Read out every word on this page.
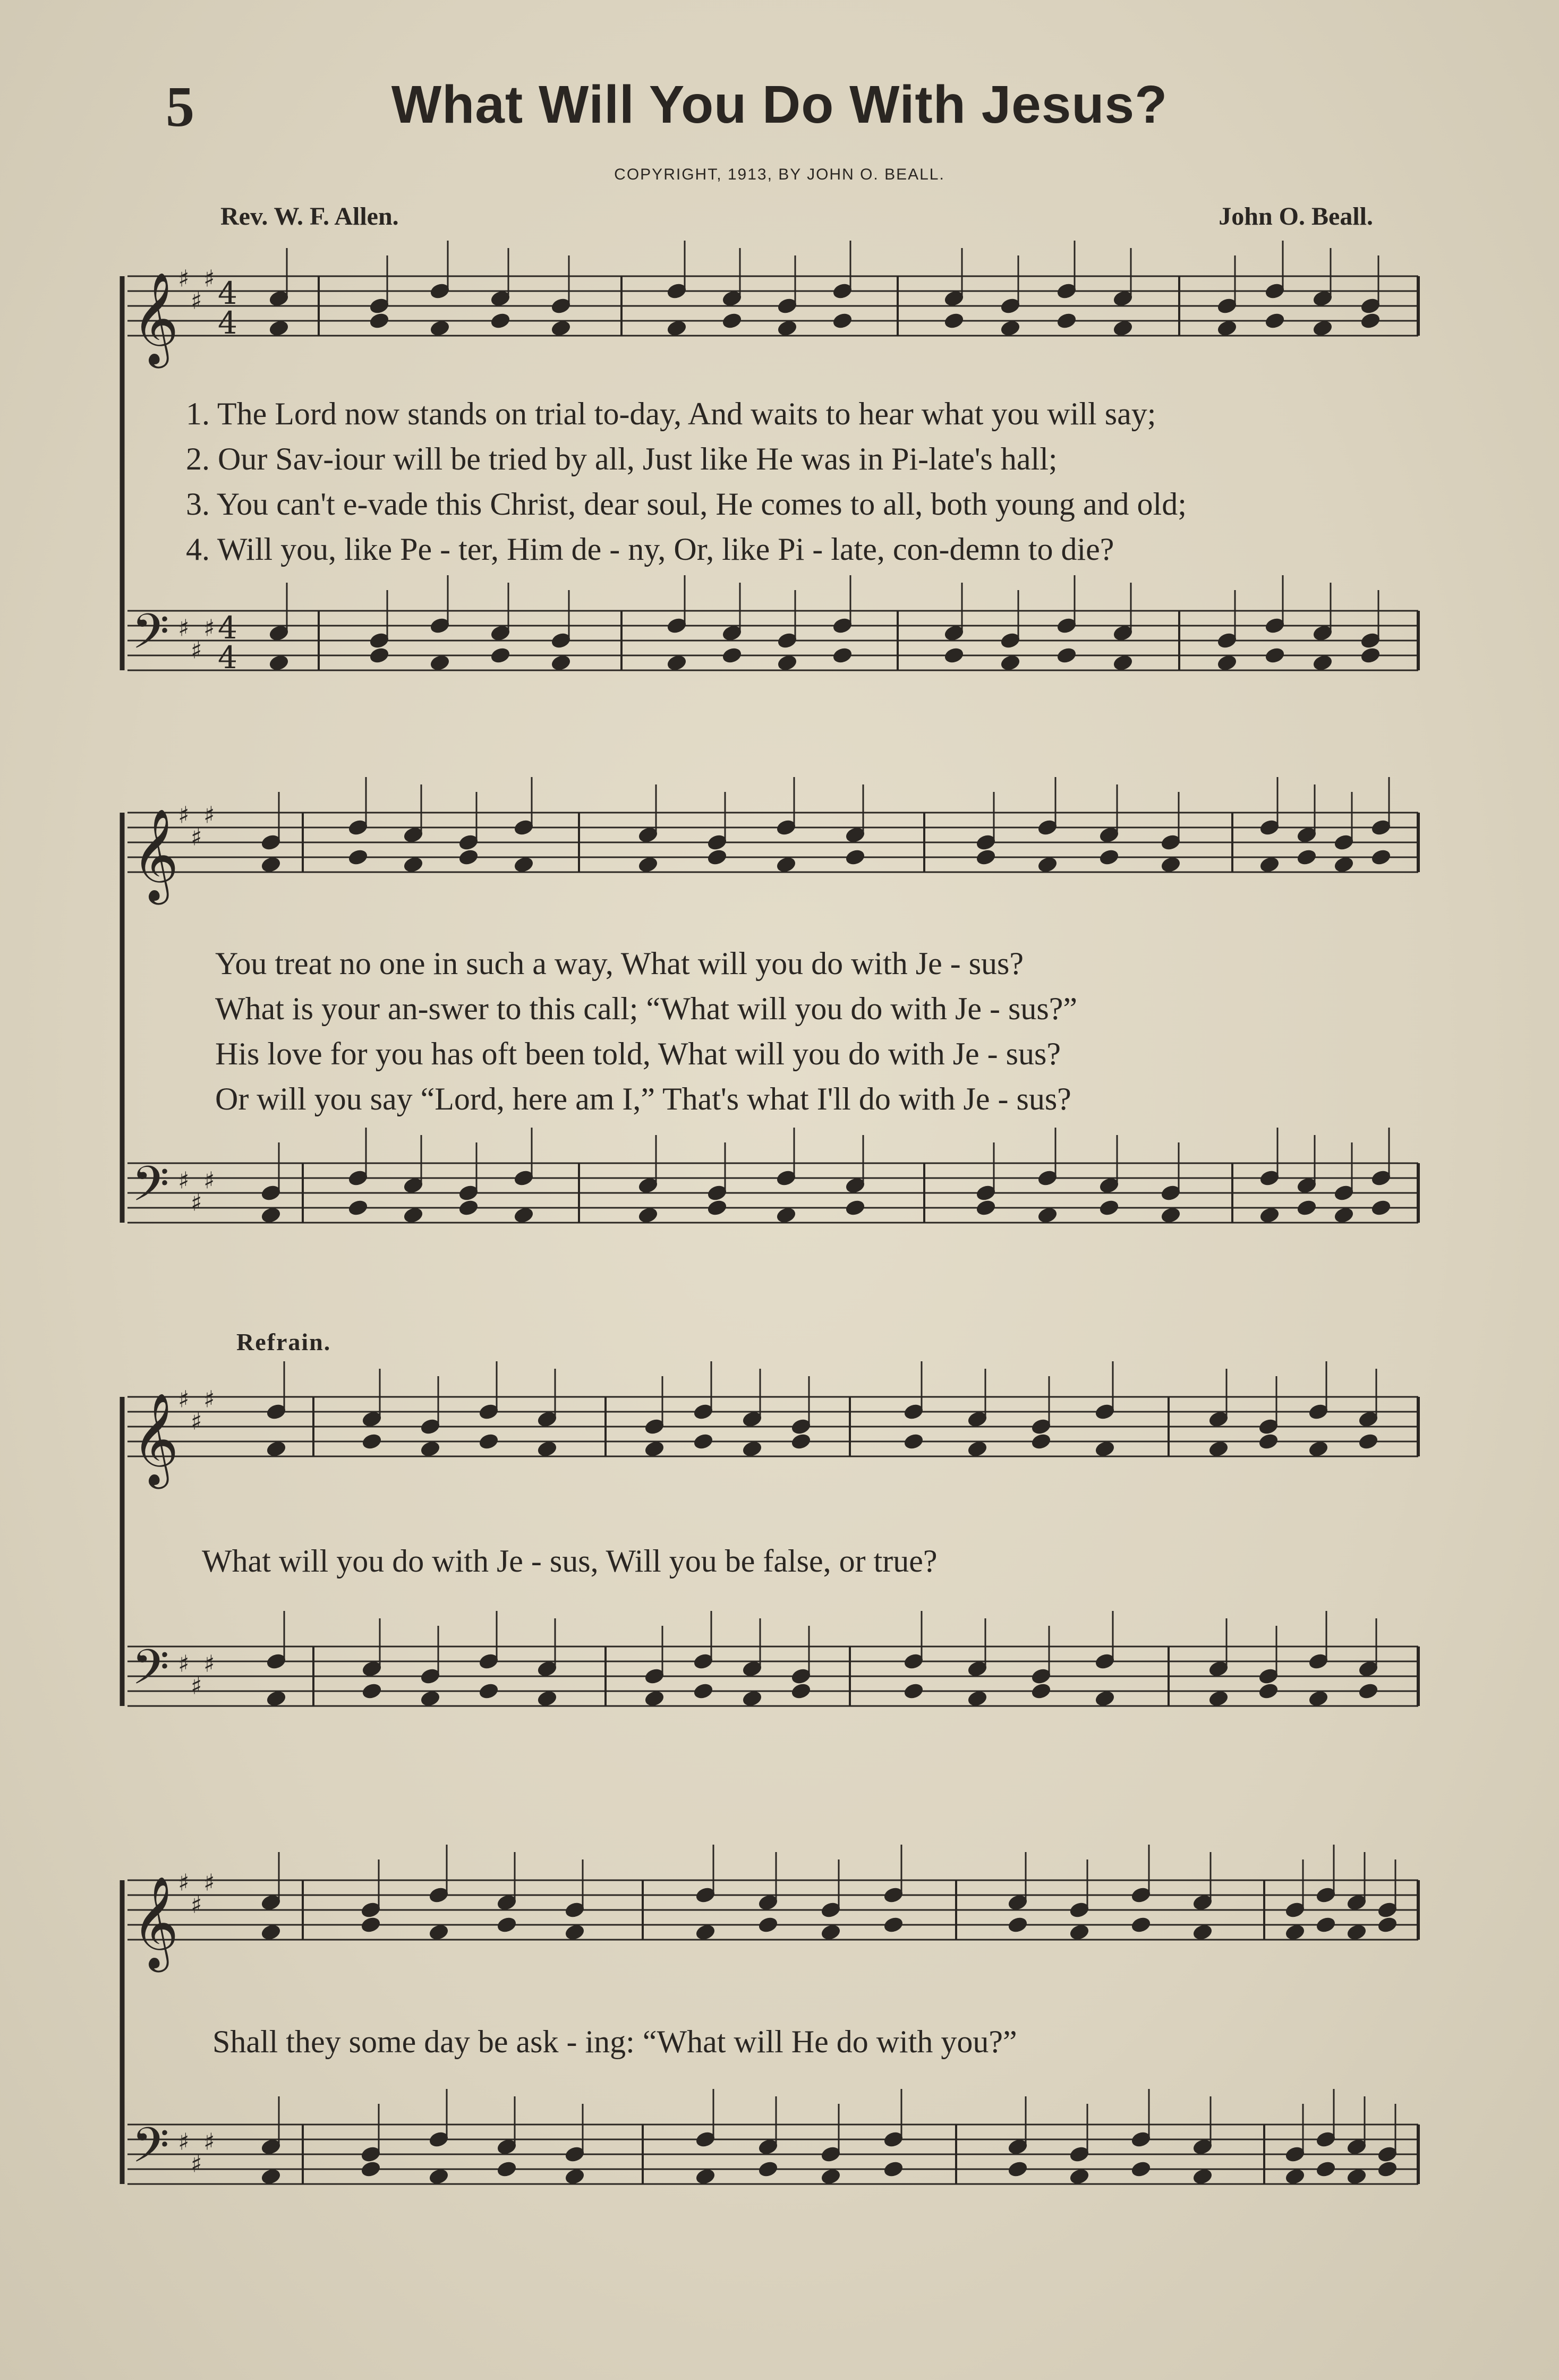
5	What Will You Do With Jesus?
COPYRIGHT, 1913, BY JOHN O. BEALL.
Rev. W. F. Allen.	John O. Beall.
𝄞
♯
♯
♯ 4
4
𝄢 ♯
♯
♯ 4
4
𝄞
♯
♯
♯
𝄢 ♯
♯
♯
𝄞
♯
♯
♯
𝄢 ♯
♯
♯
𝄞
♯
♯
♯
𝄢 ♯
♯
♯
1. The Lord now stands on trial to-day, And waits to hear what you will say;
2. Our Sav-iour will be tried by all, Just like He was in Pi-late's hall;
3. You can't e-vade this Christ, dear soul, He comes to all, both young and old;
4. Will you, like Pe - ter, Him de - ny, Or, like Pi - late, con-demn to die?
You treat no one in such a way, What will you do with Je - sus?
What is your an-swer to this call; “What will you do with Je - sus?”
His love for you has oft been told, What will you do with Je - sus?
Or will you say “Lord, here am I,” That's what I'll do with Je - sus?
Refrain.
What will you do with Je - sus, Will you be false, or true?
Shall they some day be ask - ing: “What will He do with you?”
